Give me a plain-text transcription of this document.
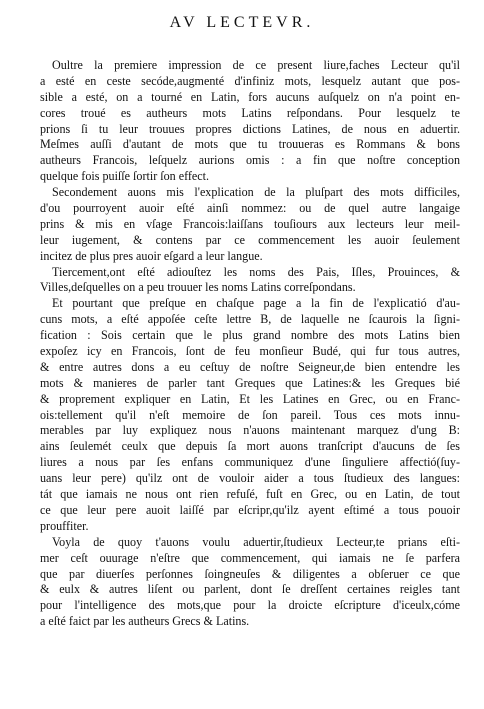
AV LECTEVR.
Oultre la premiere impression de ce present liure,faches Lecteur qu'il
a esté en ceste secóde,augmenté d'infiniz mots, lesquelz autant que pos-
sible a esté, on a tourné en Latin, fors aucuns auſquelz on n'a point en-
cores troué es autheurs mots Latins reſpondans. Pour lesquelz te
prions ſi tu leur trouues propres dictions Latines, de nous en aduertir.
Meſmes auſſi d'autant de mots que tu trouueras es Rommans & bons
autheurs Francois, leſquelz aurions omis : a fin que noſtre conception
quelque fois puiſſe ſortir ſon effect.
Secondement auons mis l'explication de la pluſpart des mots difficiles,
d'ou pourroyent auoir eſté ainſi nommez: ou de quel autre langaige
prins & mis en vſage Francois:laiſſans touſiours aux lecteurs leur meil-
leur iugement, & contens par ce commencement les auoir ſeulement
incitez de plus pres auoir eſgard a leur langue.
Tiercement,ont eſté adiouſtez les noms des Pais, Iſles, Prouinces, &
Villes,deſquelles on a peu trouuer les noms Latins correſpondans.
Et pourtant que preſque en chaſque page a la fin de l'explicatió d'au-
cuns mots, a eſté appoſée ceſte lettre B, de laquelle ne ſcaurois la ſigni-
fication : Sois certain que le plus grand nombre des mots Latins bien
expoſez icy en Francois, ſont de feu monſieur Budé, qui fur tous autres,
& entre autres dons a eu ceſtuy de noſtre Seigneur,de bien entendre les
mots & manieres de parler tant Greques que Latines:& les Greques bié
& proprement expliquer en Latin, Et les Latines en Grec, ou en Franc-
ois:tellement qu'il n'eſt memoire de ſon pareil. Tous ces mots innu-
merables par luy expliquez nous n'auons maintenant marquez d'ung B:
ains ſeulemét ceulx que depuis ſa mort auons tranſcript d'aucuns de ſes
liures a nous par ſes enfans communiquez d'une ſinguliere affectió(ſuy-
uans leur pere) qu'ilz ont de vouloir aider a tous ſtudieux des langues:
tát que iamais ne nous ont rien refuſé, fuſt en Grec, ou en Latin, de tout
ce que leur pere auoit laiſſé par eſcripr,qu'ilz ayent eſtimé a tous pouoir
prouffiter.
Voyla de quoy t'auons voulu aduertir,ſtudieux Lecteur,te prians eſti-
mer ceſt ouurage n'eſtre que commencement, qui iamais ne ſe parfera
que par diuerſes perſonnes ſoingneuſes & diligentes a obſeruer ce que
& eulx & autres liſent ou parlent, dont ſe dreſſent certaines reigles tant
pour l'intelligence des mots,que pour la droicte eſcripture d'iceulx,cóme
a eſté faict par les autheurs Grecs & Latins.
